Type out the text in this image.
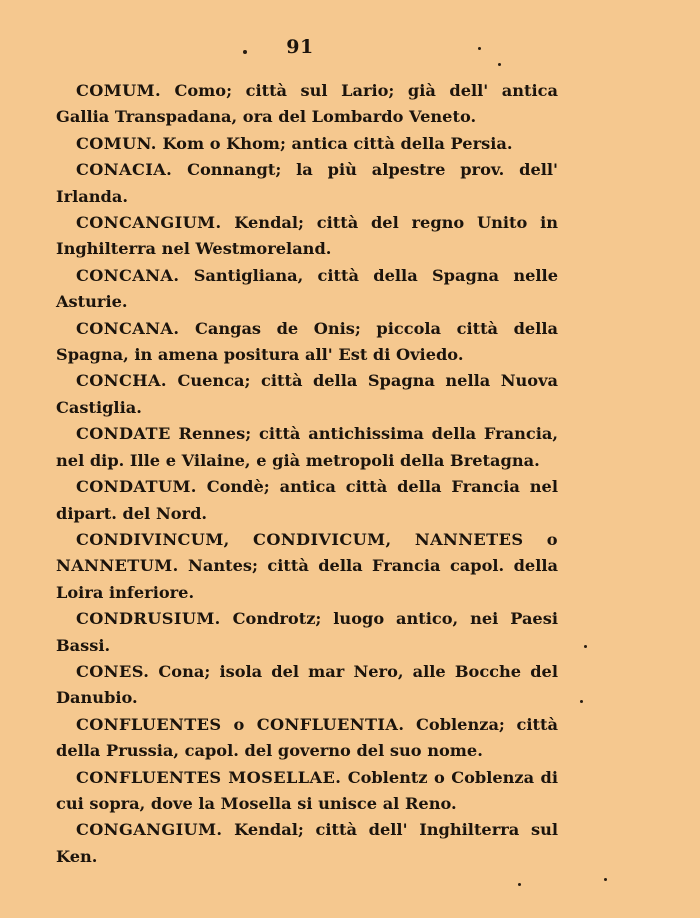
91

COMUM. Como; città sul Lario; già dell' antica Gallia Transpadana, ora del Lombardo Veneto.

COMUN. Kom o Khom; antica città della Persia.

CONACIA. Connangt; la più alpestre prov. dell' Irlanda.

CONCANGIUM. Kendal; città del regno Unito in Inghilterra nel Westmoreland.

CONCANA. Santigliana, città della Spagna nelle Asturie.

CONCANA. Cangas de Onis; piccola città della Spagna, in amena positura all' Est di Oviedo.

CONCHA. Cuenca; città della Spagna nella Nuova Castiglia.

CONDATE Rennes; città antichissima della Francia, nel dip. Ille e Vilaine, e già metropoli della Bretagna.

CONDATUM. Condè; antica città della Francia nel dipart. del Nord.

CONDIVINCUM, CONDIVICUM, NANNETES o NANNETUM. Nantes; città della Francia capol. della Loira inferiore.

CONDRUSIUM. Condrotz; luogo antico, nei Paesi Bassi.

CONES. Cona; isola del mar Nero, alle Bocche del Danubio.

CONFLUENTES o CONFLUENTIA. Coblenza; città della Prussia, capol. del governo del suo nome.

CONFLUENTES MOSELLAE. Coblentz o Coblenza di cui sopra, dove la Mosella si unisce al Reno.

CONGANGIUM. Kendal; città dell' Inghilterra sul Ken.
